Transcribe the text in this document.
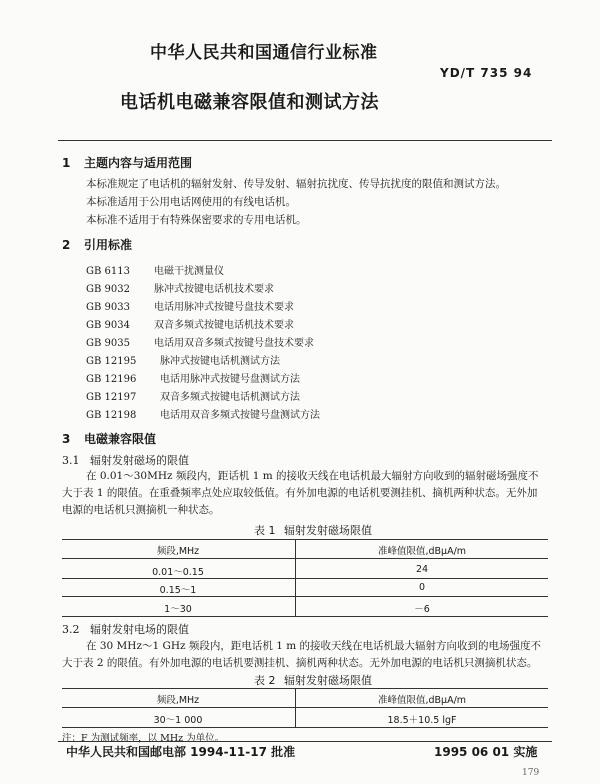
中华人民共和国通信行业标准
YD/T 735 94
电话机电磁兼容限值和测试方法
1 主题内容与适用范围
本标准规定了电话机的辐射发射、传导发射、辐射抗扰度、传导抗扰度的限值和测试方法。
本标准适用于公用电话网使用的有线电话机。
本标准不适用于有特殊保密要求的专用电话机。
2 引用标准
GB 6113 电磁干扰测量仪
GB 9032 脉冲式按键电话机技术要求
GB 9033 电话用脉冲式按键号盘技术要求
GB 9034 双音多频式按键电话机技术要求
GB 9035 电话用双音多频式按键号盘技术要求
GB 12195 脉冲式按键电话机测试方法
GB 12196 电话用脉冲式按键号盘测试方法
GB 12197 双音多频式按键电话机测试方法
GB 12198 电话用双音多频式按键号盘测试方法
3 电磁兼容限值
3.1 辐射发射磁场的限值
在 0.01～30MHz 频段内，距话机 1 m 的接收天线在电话机最大辐射方向收到的辐射磁场强度不
大于表 1 的限值。在重叠频率点处应取较低值。有外加电源的电话机要测挂机、摘机两种状态。无外加
电源的电话机只测摘机一种状态。
表 1 辐射发射磁场限值
频段,MHz	准峰值限值,dBμA/m
0.01～0.15	24
0.15～1	0
1～30	－6
3.2 辐射发射电场的限值
在 30 MHz～1 GHz 频段内，距电话机 1 m 的接收天线在电话机最大辐射方向收到的电场强度不
大于表 2 的限值。有外加电源的电话机要测挂机、摘机两种状态。无外加电源的电话机只测摘机状态。
表 2 辐射发射磁场限值
频段,MHz	准峰值限值,dBμA/m
30～1 000	18.5＋10.5 lgF
注：F 为测试频率，以 MHz 为单位。
中华人民共和国邮电部 1994-11-17 批准	1995 06 01 实施
179
